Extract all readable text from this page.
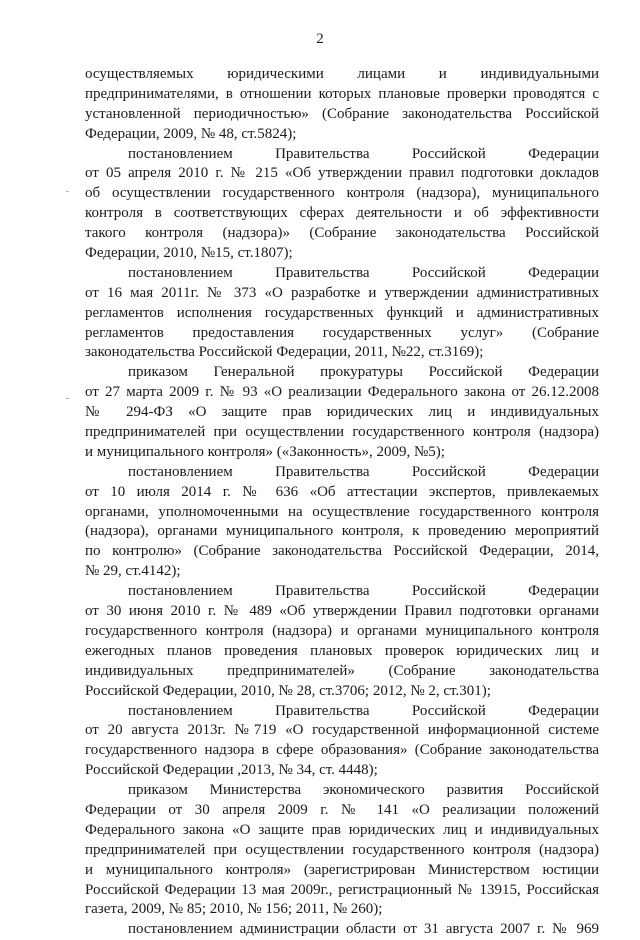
2
осуществляемых юридическими лицами и индивидуальными
предпринимателями, в отношении которых плановые проверки проводятся с
установленной периодичностью» (Собрание законодательства Российской
Федерации, 2009, № 48, ст.5824);
постановлением Правительства Российской Федерации
от 05 апреля 2010 г. № 215 «Об утверждении правил подготовки докладов
об осуществлении государственного контроля (надзора), муниципального
контроля в соответствующих сферах деятельности и об эффективности
такого контроля (надзора)» (Собрание законодательства Российской
Федерации, 2010, №15, ст.1807);
постановлением Правительства Российской Федерации
от 16 мая 2011г. № 373 «О разработке и утверждении административных
регламентов исполнения государственных функций и административных
регламентов предоставления государственных услуг» (Собрание
законодательства Российской Федерации, 2011, №22, ст.3169);
приказом Генеральной прокуратуры Российской Федерации
от 27 марта 2009 г. № 93 «О реализации Федерального закона от 26.12.2008
№ 294-ФЗ «О защите прав юридических лиц и индивидуальных
предпринимателей при осуществлении государственного контроля (надзора)
и муниципального контроля» («Законность», 2009, №5);
постановлением Правительства Российской Федерации
от 10 июля 2014 г. № 636 «Об аттестации экспертов, привлекаемых
органами, уполномоченными на осуществление государственного контроля
(надзора), органами муниципального контроля, к проведению мероприятий
по контролю» (Собрание законодательства Российской Федерации, 2014,
№ 29, ст.4142);
постановлением Правительства Российской Федерации
от 30 июня 2010 г. № 489 «Об утверждении Правил подготовки органами
государственного контроля (надзора) и органами муниципального контроля
ежегодных планов проведения плановых проверок юридических лиц и
индивидуальных предпринимателей» (Собрание законодательства
Российской Федерации, 2010, № 28, ст.3706; 2012, № 2, ст.301);
постановлением Правительства Российской Федерации
от 20 августа 2013г. №719 «О государственной информационной системе
государственного надзора в сфере образования» (Собрание законодательства
Российской Федерации ,2013, № 34, ст. 4448);
приказом Министерства экономического развития Российской
Федерации от 30 апреля 2009 г. № 141 «О реализации положений
Федерального закона «О защите прав юридических лиц и индивидуальных
предпринимателей при осуществлении государственного контроля (надзора)
и муниципального контроля» (зарегистрирован Министерством юстиции
Российской Федерации 13 мая 2009г., регистрационный № 13915, Российская
газета, 2009, № 85; 2010, № 156; 2011, № 260);
постановлением администрации области от 31 августа 2007 г. № 969
